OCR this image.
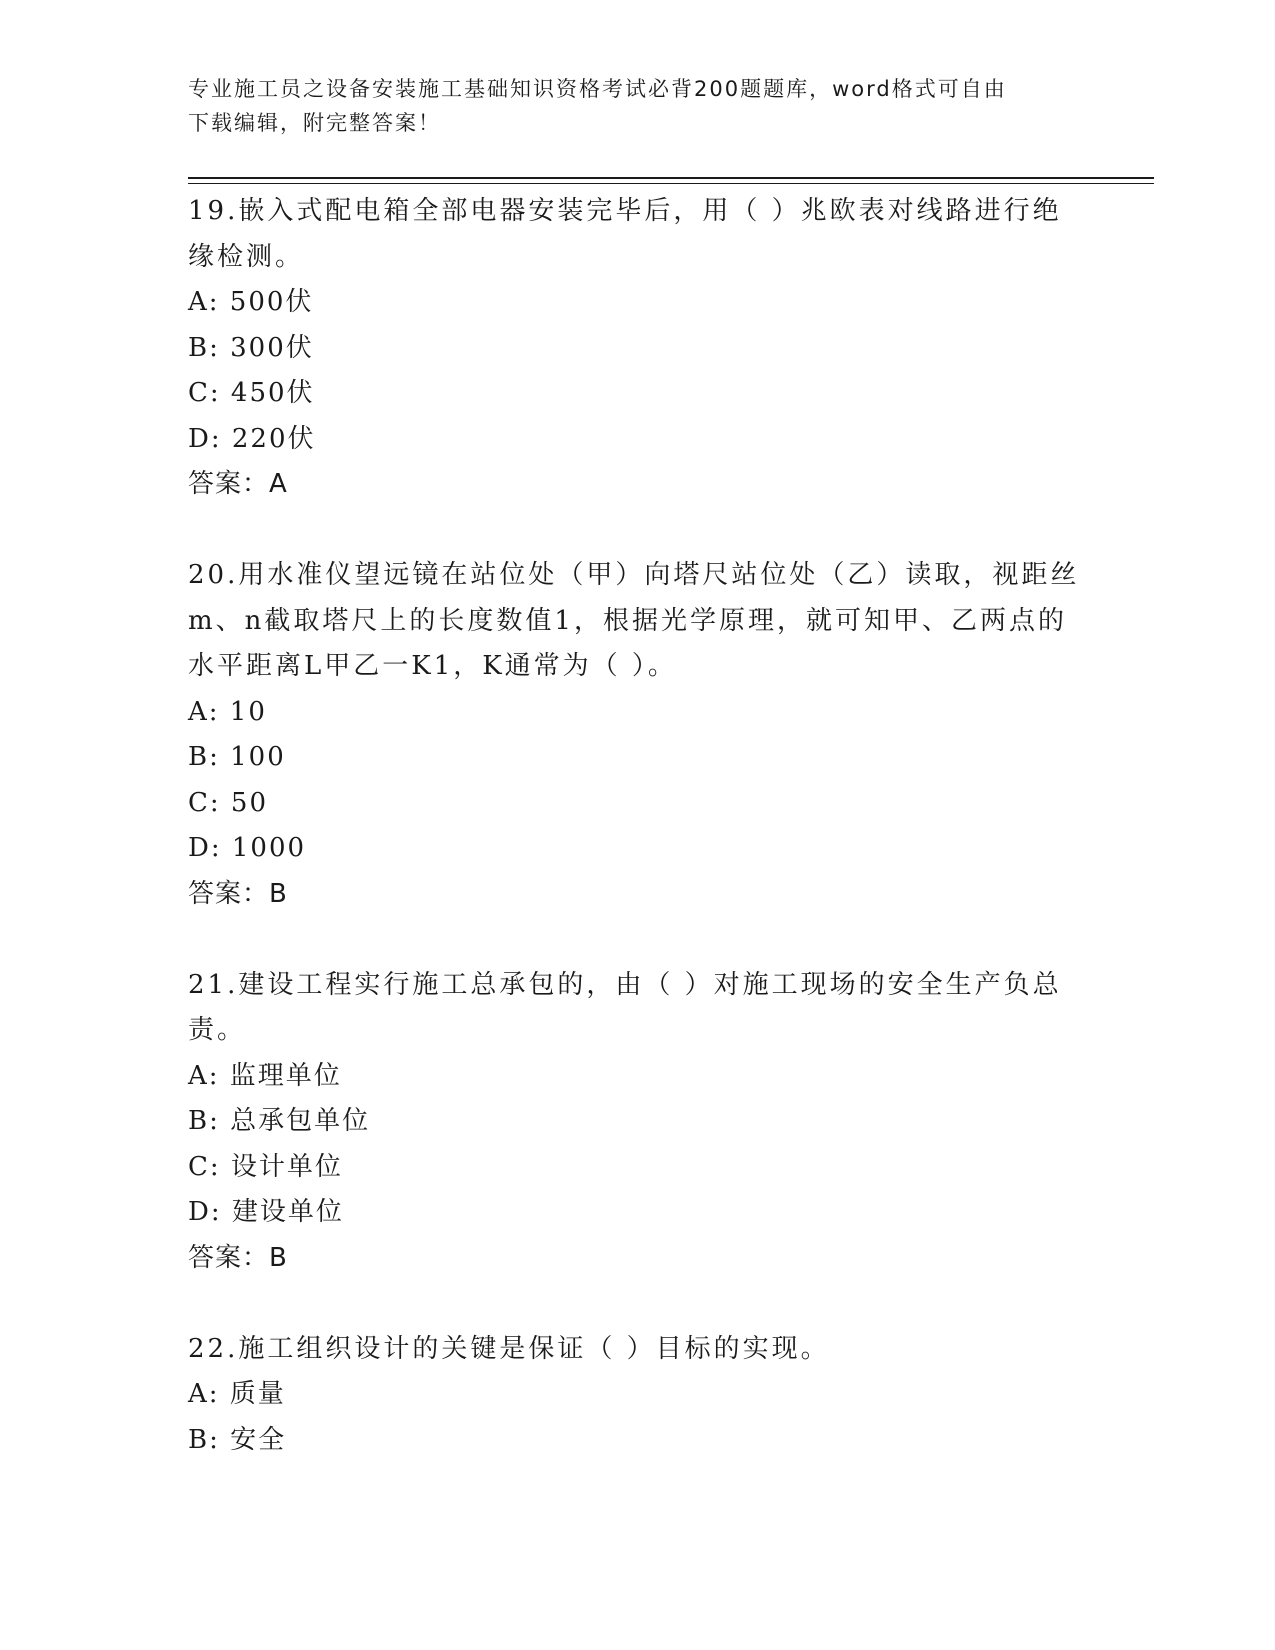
专业施工员之设备安装施工基础知识资格考试必背200题题库，word格式可自由
下载编辑，附完整答案！

19.嵌入式配电箱全部电器安装完毕后，用（ ）兆欧表对线路进行绝

缘检测。

A: 500伏

B: 300伏

C: 450伏

D: 220伏

答案：A

20.用水准仪望远镜在站位处（甲）向塔尺站位处（乙）读取，视距丝

m、n截取塔尺上的长度数值1，根据光学原理，就可知甲、乙两点的

水平距离L甲乙一K1，K通常为（ ）。

A: 10

B: 100

C: 50

D: 1000

答案：B

21.建设工程实行施工总承包的，由（ ）对施工现场的安全生产负总

责。

A: 监理单位

B: 总承包单位

C: 设计单位

D: 建设单位

答案：B

22.施工组织设计的关键是保证（ ）目标的实现。

A: 质量

B: 安全
